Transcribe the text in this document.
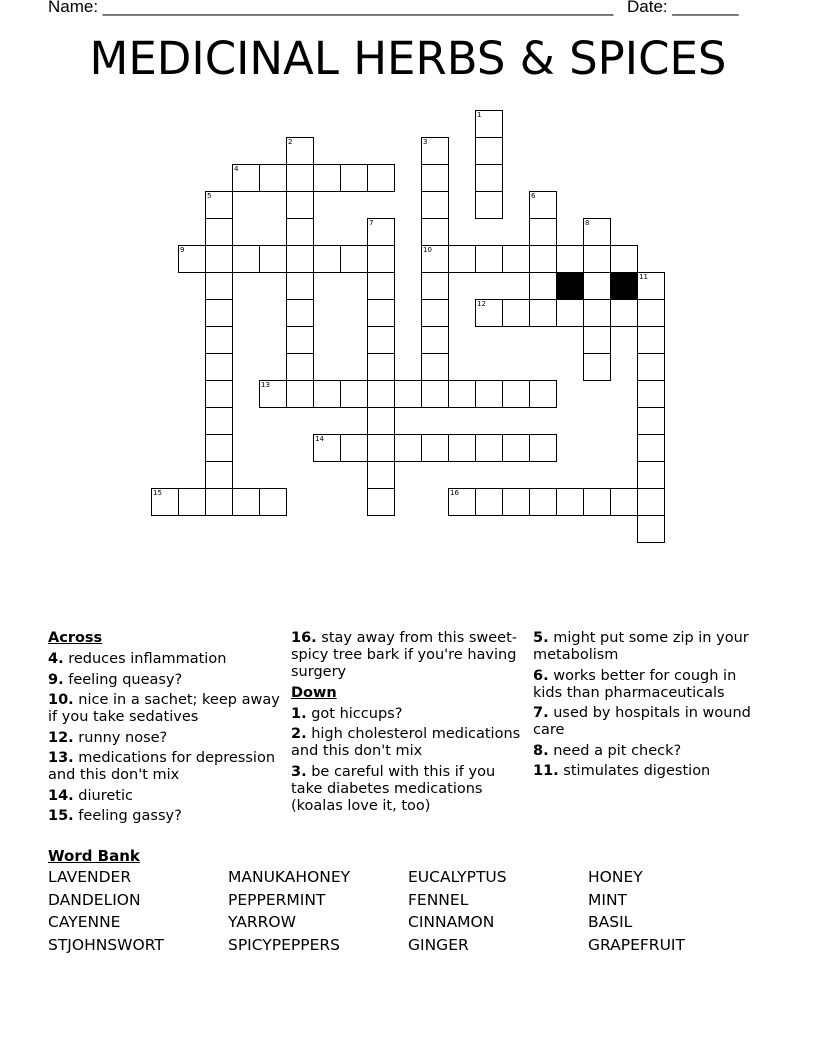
Name: ______________________________________________________ Date: _______
MEDICINAL HERBS & SPICES
1
2	3
10
4
5	6
7	8
9
11
12
13
14
15	16
Across
4. reduces inflammation
9. feeling queasy?
10. nice in a sachet; keep away if you take sedatives
12. runny nose?
13. medications for depression and this don't mix
14. diuretic
15. feeling gassy?
16. stay away from this sweet-spicy tree bark if you're having surgery
Down
1. got hiccups?
2. high cholesterol medications and this don't mix
3. be careful with this if you take diabetes medications (koalas love it, too)
5. might put some zip in your metabolism
6. works better for cough in kids than pharmaceuticals
7. used by hospitals in wound care
8. need a pit check?
11. stimulates digestion
Word Bank
LAVENDER	MANUKAHONEY	EUCALYPTUS	HONEY
DANDELION	PEPPERMINT	FENNEL	MINT
CAYENNE	YARROW	CINNAMON	BASIL
STJOHNSWORT	SPICYPEPPERS	GINGER	GRAPEFRUIT
